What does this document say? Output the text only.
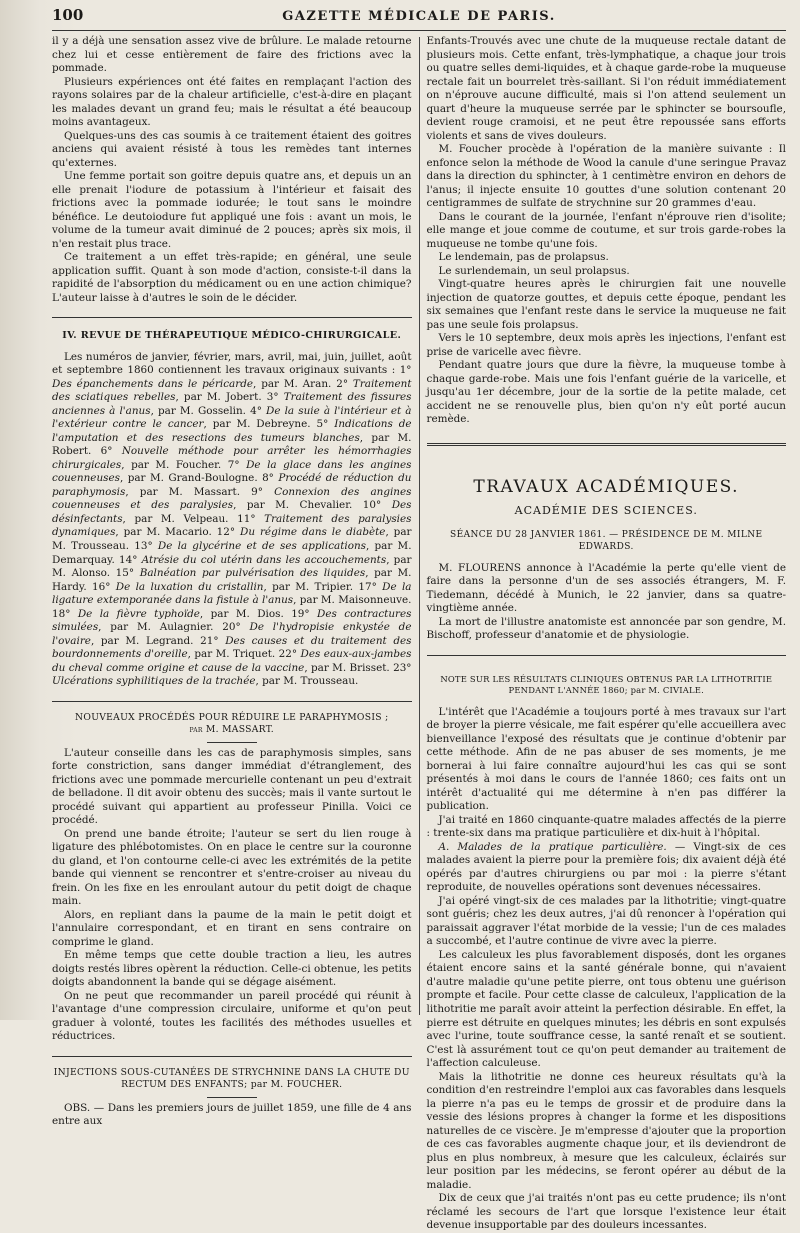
100	GAZETTE MÉDICALE DE PARIS.

il y a déjà une sensation assez vive de brûlure. Le malade retourne chez lui et cesse entièrement de faire des frictions avec la pommade.

Plusieurs expériences ont été faites en remplaçant l'action des rayons solaires par de la chaleur artificielle, c'est-à-dire en plaçant les malades devant un grand feu; mais le résultat a été beaucoup moins avantageux.

Quelques-uns des cas soumis à ce traitement étaient des goitres anciens qui avaient résisté à tous les remèdes tant internes qu'externes.

Une femme portait son goitre depuis quatre ans, et depuis un an elle prenait l'iodure de potassium à l'intérieur et faisait des frictions avec la pommade iodurée; le tout sans le moindre bénéfice. Le deutoiodure fut appliqué une fois : avant un mois, le volume de la tumeur avait diminué de 2 pouces; après six mois, il n'en restait plus trace.

Ce traitement a un effet très-rapide; en général, une seule application suffit. Quant à son mode d'action, consiste-t-il dans la rapidité de l'absorption du médicament ou en une action chimique? L'auteur laisse à d'autres le soin de le décider.

IV. REVUE DE THÉRAPEUTIQUE MÉDICO-CHIRURGICALE.

Les numéros de janvier, février, mars, avril, mai, juin, juillet, août et septembre 1860 contiennent les travaux originaux suivants : 1° Des épanchements dans le péricarde, par M. Aran. 2° Traitement des sciatiques rebelles, par M. Jobert. 3° Traitement des fissures anciennes à l'anus, par M. Gosselin. 4° De la suie à l'intérieur et à l'extérieur contre le cancer, par M. Debreyne. 5° Indications de l'amputation et des resections des tumeurs blanches, par M. Robert. 6° Nouvelle méthode pour arrêter les hémorrhagies chirurgicales, par M. Foucher. 7° De la glace dans les angines couenneuses, par M. Grand-Boulogne. 8° Procédé de réduction du paraphymosis, par M. Massart. 9° Connexion des angines couenneuses et des paralysies, par M. Chevalier. 10° Des désinfectants, par M. Velpeau. 11° Traitement des paralysies dynamiques, par M. Macario. 12° Du régime dans le diabète, par M. Trousseau. 13° De la glycérine et de ses applications, par M. Demarquay. 14° Atrésie du col utérin dans les accouchements, par M. Alonso. 15° Balnéation par pulvérisation des liquides, par M. Hardy. 16° De la luxation du cristallin, par M. Tripier. 17° De la ligature extemporanée dans la fistule à l'anus, par M. Maisonneuve. 18° De la fièvre typhoïde, par M. Dios. 19° Des contractures simulées, par M. Aulagnier. 20° De l'hydropisie enkystée de l'ovaire, par M. Legrand. 21° Des causes et du traitement des bourdonnements d'oreille, par M. Triquet. 22° Des eaux-aux-jambes du cheval comme origine et cause de la vaccine, par M. Brisset. 23° Ulcérations syphilitiques de la trachée, par M. Trousseau.

NOUVEAUX PROCÉDÉS POUR RÉDUIRE LE PARAPHYMOSIS ;
par M. MASSART.

L'auteur conseille dans les cas de paraphymosis simples, sans forte constriction, sans danger immédiat d'étranglement, des frictions avec une pommade mercurielle contenant un peu d'extrait de belladone. Il dit avoir obtenu des succès; mais il vante surtout le procédé suivant qui appartient au professeur Pinilla. Voici ce procédé.

On prend une bande étroite; l'auteur se sert du lien rouge à ligature des phlébotomistes. On en place le centre sur la couronne du gland, et l'on contourne celle-ci avec les extrémités de la petite bande qui viennent se rencontrer et s'entre-croiser au niveau du frein. On les fixe en les enroulant autour du petit doigt de chaque main.

Alors, en repliant dans la paume de la main le petit doigt et l'annulaire correspondant, et en tirant en sens contraire on comprime le gland.

En même temps que cette double traction a lieu, les autres doigts restés libres opèrent la réduction. Celle-ci obtenue, les petits doigts abandonnent la bande qui se dégage aisément.

On ne peut que recommander un pareil procédé qui réunit à l'avantage d'une compression circulaire, uniforme et qu'on peut graduer à volonté, toutes les facilités des méthodes usuelles et réductrices.

INJECTIONS SOUS-CUTANÉES DE STRYCHNINE DANS LA CHUTE DU RECTUM DES ENFANTS; par M. FOUCHER.

OBS. — Dans les premiers jours de juillet 1859, une fille de 4 ans entre aux

Enfants-Trouvés avec une chute de la muqueuse rectale datant de plusieurs mois. Cette enfant, très-lymphatique, a chaque jour trois ou quatre selles demi-liquides, et à chaque garde-robe la muqueuse rectale fait un bourrelet très-saillant. Si l'on réduit immédiatement on n'éprouve aucune difficulté, mais si l'on attend seulement un quart d'heure la muqueuse serrée par le sphincter se boursoufle, devient rouge cramoisi, et ne peut être repoussée sans efforts violents et sans de vives douleurs.

M. Foucher procède à l'opération de la manière suivante : Il enfonce selon la méthode de Wood la canule d'une seringue Pravaz dans la direction du sphincter, à 1 centimètre environ en dehors de l'anus; il injecte ensuite 10 gouttes d'une solution contenant 20 centigrammes de sulfate de strychnine sur 20 grammes d'eau.

Dans le courant de la journée, l'enfant n'éprouve rien d'isolite; elle mange et joue comme de coutume, et sur trois garde-robes la muqueuse ne tombe qu'une fois.

Le lendemain, pas de prolapsus.

Le surlendemain, un seul prolapsus.

Vingt-quatre heures après le chirurgien fait une nouvelle injection de quatorze gouttes, et depuis cette époque, pendant les six semaines que l'enfant reste dans le service la muqueuse ne fait pas une seule fois prolapsus.

Vers le 10 septembre, deux mois après les injections, l'enfant est prise de varicelle avec fièvre.

Pendant quatre jours que dure la fièvre, la muqueuse tombe à chaque garde-robe. Mais une fois l'enfant guérie de la varicelle, et jusqu'au 1er décembre, jour de la sortie de la petite malade, cet accident ne se renouvelle plus, bien qu'on n'y eût porté aucun remède.

TRAVAUX ACADÉMIQUES.
ACADÉMIE DES SCIENCES.
SÉANCE DU 28 JANVIER 1861. — PRÉSIDENCE DE M. MILNE EDWARDS.

M. FLOURENS annonce à l'Académie la perte qu'elle vient de faire dans la personne d'un de ses associés étrangers, M. F. Tiedemann, décédé à Munich, le 22 janvier, dans sa quatre-vingtième année.

La mort de l'illustre anatomiste est annoncée par son gendre, M. Bischoff, professeur d'anatomie et de physiologie.

NOTE SUR LES RÉSULTATS CLINIQUES OBTENUS PAR LA LITHOTRITIE PENDANT L'ANNÉE 1860; par M. CIVIALE.

L'intérêt que l'Académie a toujours porté à mes travaux sur l'art de broyer la pierre vésicale, me fait espérer qu'elle accueillera avec bienveillance l'exposé des résultats que je continue d'obtenir par cette méthode. Afin de ne pas abuser de ses moments, je me bornerai à lui faire connaître aujourd'hui les cas qui se sont présentés à moi dans le cours de l'année 1860; ces faits ont un intérêt d'actualité qui me détermine à n'en pas différer la publication.

J'ai traité en 1860 cinquante-quatre malades affectés de la pierre : trente-six dans ma pratique particulière et dix-huit à l'hôpital.

A. Malades de la pratique particulière. — Vingt-six de ces malades avaient la pierre pour la première fois; dix avaient déjà été opérés par d'autres chirurgiens ou par moi : la pierre s'étant reproduite, de nouvelles opérations sont devenues nécessaires.

J'ai opéré vingt-six de ces malades par la lithotritie; vingt-quatre sont guéris; chez les deux autres, j'ai dû renoncer à l'opération qui paraissait aggraver l'état morbide de la vessie; l'un de ces malades a succombé, et l'autre continue de vivre avec la pierre.

Les calculeux les plus favorablement disposés, dont les organes étaient encore sains et la santé générale bonne, qui n'avaient d'autre maladie qu'une petite pierre, ont tous obtenu une guérison prompte et facile. Pour cette classe de calculeux, l'application de la lithotritie me paraît avoir atteint la perfection désirable. En effet, la pierre est détruite en quelques minutes; les débris en sont expulsés avec l'urine, toute souffrance cesse, la santé renaît et se soutient. C'est là assurément tout ce qu'on peut demander au traitement de l'affection calculeuse.

Mais la lithotritie ne donne ces heureux résultats qu'à la condition d'en restreindre l'emploi aux cas favorables dans lesquels la pierre n'a pas eu le temps de grossir et de produire dans la vessie des lésions propres à changer la forme et les dispositions naturelles de ce viscère. Je m'empresse d'ajouter que la proportion de ces cas favorables augmente chaque jour, et ils deviendront de plus en plus nombreux, à mesure que les calculeux, éclairés sur leur position par les médecins, se feront opérer au début de la maladie.

Dix de ceux que j'ai traités n'ont pas eu cette prudence; ils n'ont réclamé les secours de l'art que lorsque l'existence leur était devenue insupportable par des douleurs incessantes.
